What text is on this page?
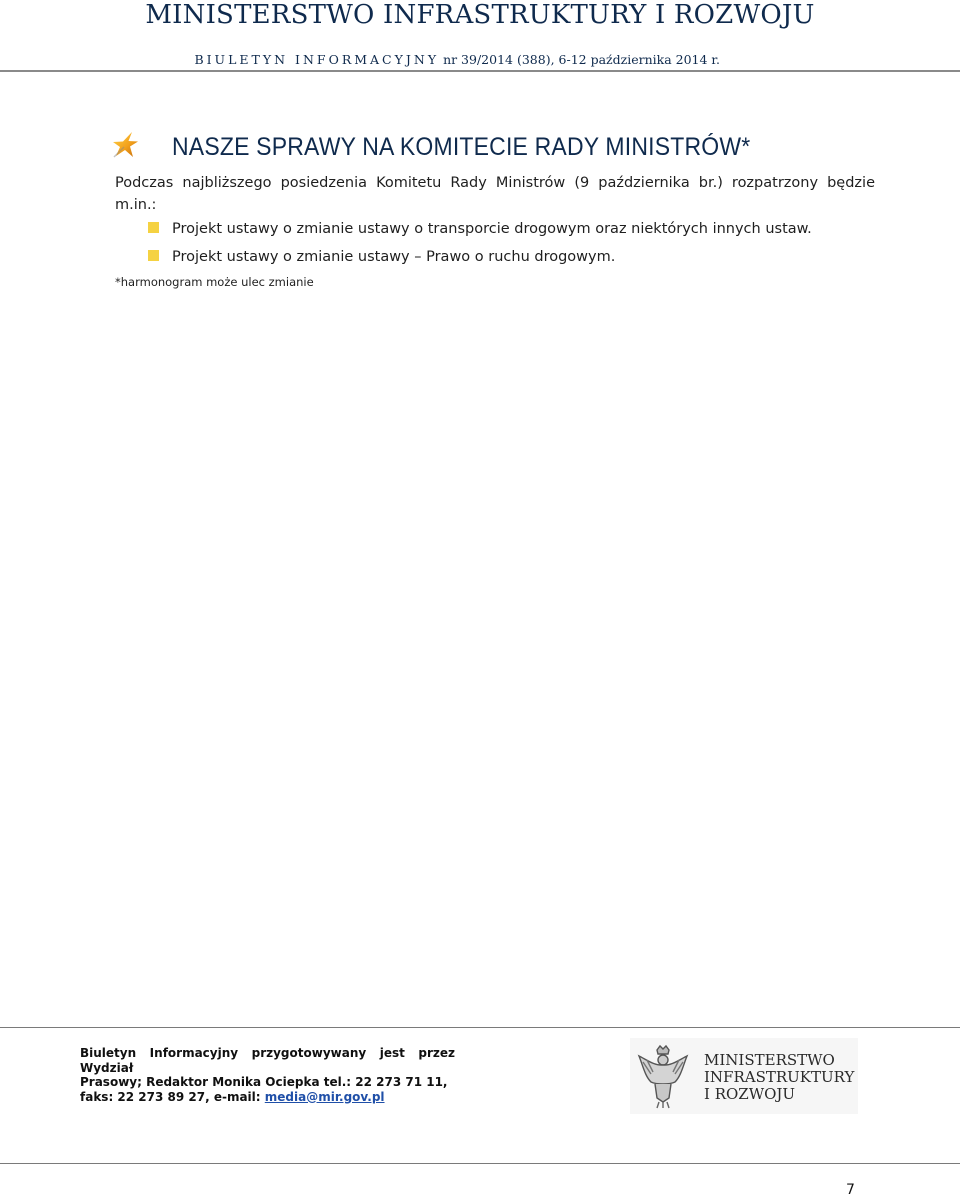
MINISTERSTWO INFRASTRUKTURY I ROZWOJU
BIULETYN INFORMACYJNY nr 39/2014 (388), 6-12 października 2014 r.
NASZE SPRAWY NA KOMITECIE RADY MINISTRÓW*
Podczas najbliższego posiedzenia Komitetu Rady Ministrów (9 października br.) rozpatrzony będzie m.in.:
Projekt ustawy o zmianie ustawy o transporcie drogowym oraz niektórych innych ustaw.
Projekt ustawy o zmianie ustawy – Prawo o ruchu drogowym.
*harmonogram może ulec zmianie
Biuletyn Informacyjny przygotowywany jest przez Wydział
Prasowy; Redaktor Monika Ociepka tel.: 22 273 71 11,
faks: 22 273 89 27, e-mail: media@mir.gov.pl
MINISTERSTWO
INFRASTRUKTURY
I ROZWOJU
7
